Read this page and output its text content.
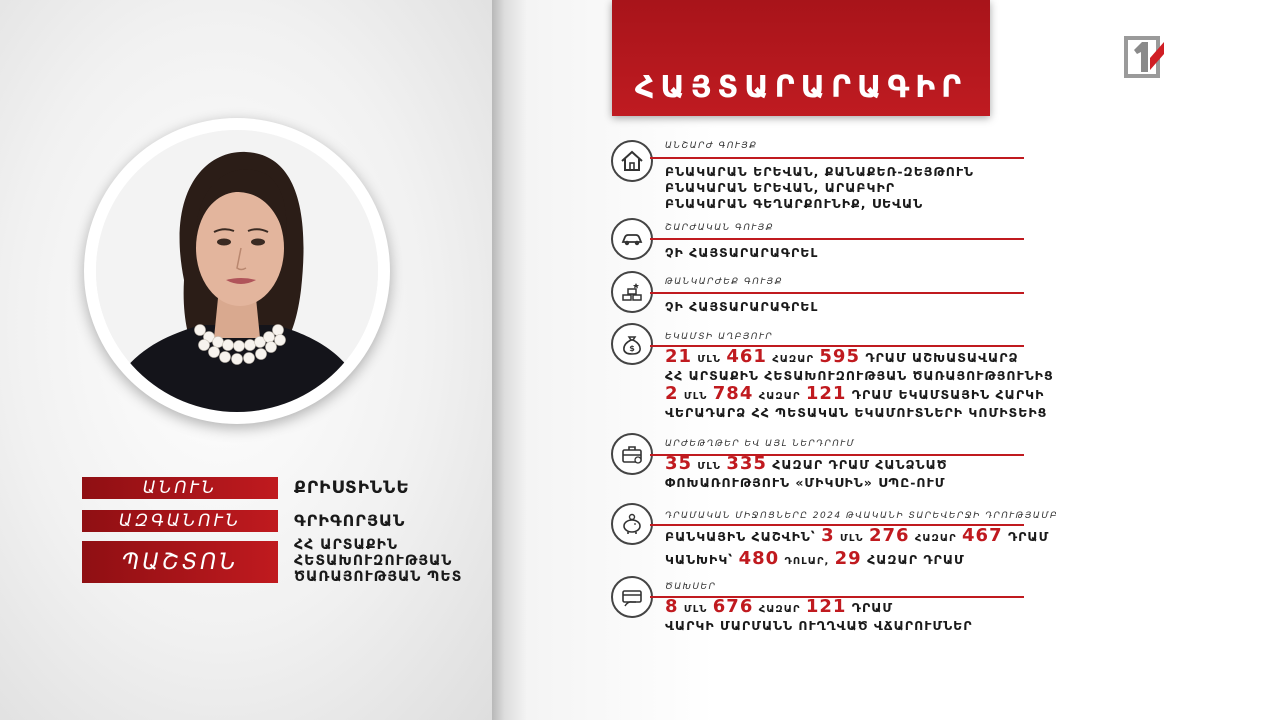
ԱՆՈՒՆ	ՔՐԻՍՏԻՆՆԵ
ԱԶԳԱՆՈՒՆ	ԳՐԻԳՈՐՅԱՆ
ՊԱՇՏՈՆ
ՀՀ ԱՐՏԱՔԻՆ
ՀԵՏԱԽՈՒԶՈՒԹՅԱՆ
ԾԱՌԱՅՈՒԹՅԱՆ ՊԵՏ
ՀԱՅՏԱՐԱՐԱԳԻՐ
ԱՆՇԱՐԺ ԳՈՒՅՔ
ԲՆԱԿԱՐԱՆ ԵՐԵՎԱՆ, ՔԱՆԱՔԵՌ-ԶԵՅԹՈՒՆ
ԲՆԱԿԱՐԱՆ ԵՐԵՎԱՆ, ԱՐԱԲԿԻՐ
ԲՆԱԿԱՐԱՆ ԳԵՂԱՐՔՈՒՆԻՔ, ՍԵՎԱՆ
ՇԱՐԺԱԿԱՆ ԳՈՒՅՔ
ՉԻ ՀԱՅՏԱՐԱՐԱԳՐԵԼ
ԹԱՆԿԱՐԺԵՔ ԳՈՒՅՔ
ՉԻ ՀԱՅՏԱՐԱՐԱԳՐԵԼ
$
ԵԿԱՄՏԻ ԱՂԲՅՈՒՐ
21 ՄԼՆ 461 ՀԱԶԱՐ 595 ԴՐԱՄ ԱՇԽԱՏԱՎԱՐՁ
ՀՀ ԱՐՏԱՔԻՆ ՀԵՏԱԽՈՒԶՈՒԹՅԱՆ ԾԱՌԱՅՈՒԹՅՈՒՆԻՑ
2 ՄԼՆ 784 ՀԱԶԱՐ 121 ԴՐԱՄ ԵԿԱՄՏԱՅԻՆ ՀԱՐԿԻ
ՎԵՐԱԴԱՐՁ ՀՀ ՊԵՏԱԿԱՆ ԵԿԱՄՈՒՏՆԵՐԻ ԿՈՄԻՏԵԻՑ
ԱՐԺԵԹՂԹԵՐ ԵՎ ԱՅԼ ՆԵՐԴՐՈՒՄ
35 ՄԼՆ 335 ՀԱԶԱՐ ԴՐԱՄ ՀԱՆՁՆԱԾ
ՓՈԽԱՌՈՒԹՅՈՒՆ «ՄԻԿՍԻՆ» ՍՊԸ-ՈՒՄ
ԴՐԱՄԱԿԱՆ ՄԻՋՈՑՆԵՐԸ 2024 ԹՎԱԿԱՆԻ ՏԱՐԵՎԵՐՋԻ ԴՐՈՒԹՅԱՄԲ
ԲԱՆԿԱՅԻՆ ՀԱՇՎԻՆ՝ 3 ՄԼՆ 276 ՀԱԶԱՐ 467 ԴՐԱՄ
ԿԱՆԽԻԿ՝ 480 ԴՈԼԱՐ, 29 ՀԱԶԱՐ ԴՐԱՄ
ԾԱԽՍԵՐ
8 ՄԼՆ 676 ՀԱԶԱՐ 121 ԴՐԱՄ
ՎԱՐԿԻ ՄԱՐՄԱՆՆ ՈՒՂՂՎԱԾ ՎՃԱՐՈՒՄՆԵՐ
